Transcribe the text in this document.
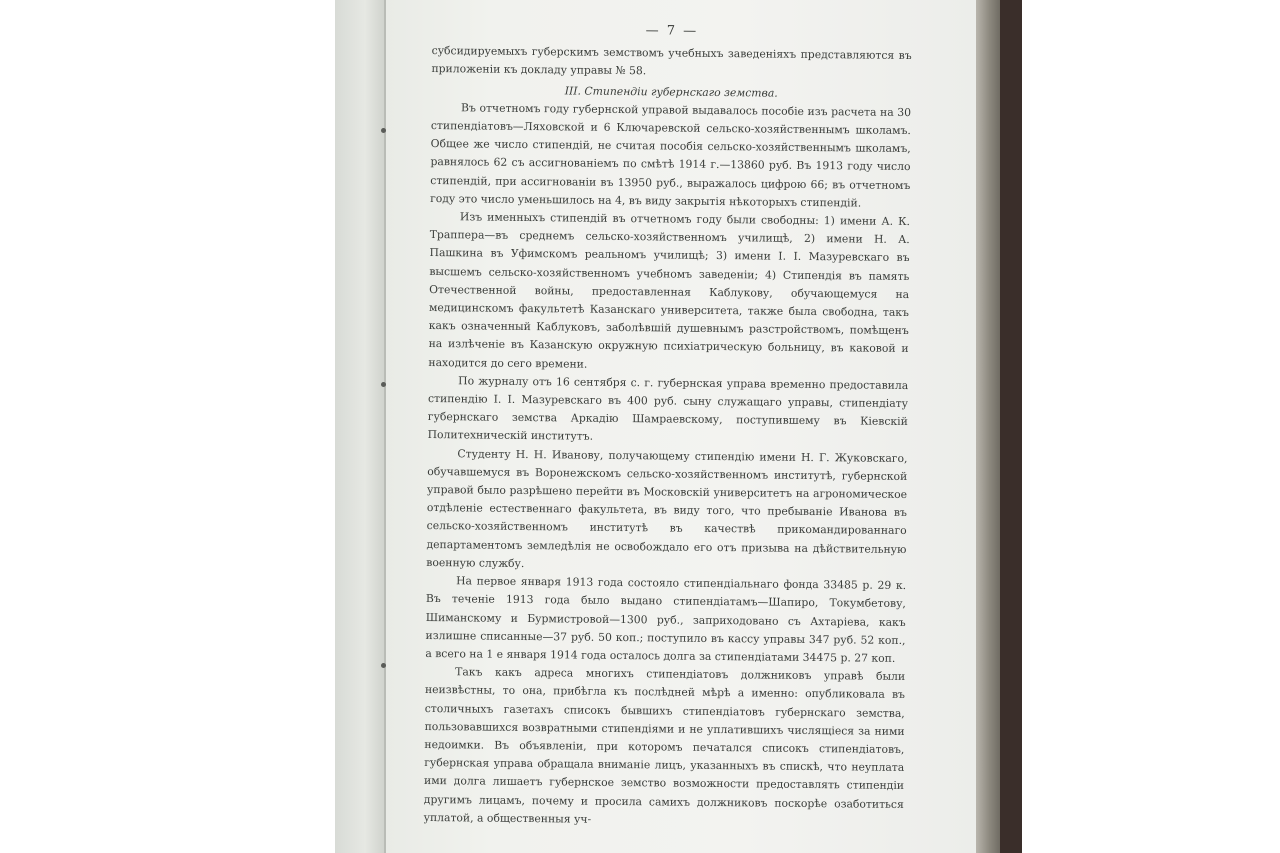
— 7 —

субсидируемыхъ губерскимъ земствомъ учебныхъ заведеніяхъ представляются въ приложеніи къ докладу управы № 58.

III. Стипендіи губернскаго земства.

Въ отчетномъ году губернской управой выдавалось пособіе изъ расчета на 30 стипендіатовъ—Ляховской и 6 Ключаревской сельско-хозяйственнымъ школамъ. Общее же число стипендій, не считая пособія сельско-хозяйственнымъ школамъ, равнялось 62 съ ассигнованіемъ по смѣтѣ 1914 г.—13860 руб. Въ 1913 году число стипендій, при ассигнованіи въ 13950 руб., выражалось цифрою 66; въ отчетномъ году это число уменьшилось на 4, въ виду закрытія нѣкоторыхъ стипендій.

Изъ именныхъ стипендій въ отчетномъ году были свободны: 1) имени А. К. Траппера—въ среднемъ сельско-хозяйственномъ училищѣ, 2) имени Н. А. Пашкина въ Уфимскомъ реальномъ училищѣ; 3) имени I. I. Мазуревскаго въ высшемъ сельско-хозяйственномъ учебномъ заведеніи; 4) Стипендія въ память Отечественной войны, предоставленная Каблукову, обучающемуся на медицинскомъ факультетѣ Казанскаго университета, также была свободна, такъ какъ означенный Каблуковъ, заболѣвшій душевнымъ разстройствомъ, помѣщенъ на излѣченіе въ Казанскую окружную психіатрическую больницу, въ каковой и находится до сего времени.

По журналу отъ 16 сентября с. г. губернская управа временно предоставила стипендію I. I. Мазуревскаго въ 400 руб. сыну служащаго управы, стипендіату губернскаго земства Аркадію Шамраевскому, поступившему въ Кіевскій Политехническій институтъ.

Студенту Н. Н. Иванову, получающему стипендію имени Н. Г. Жуковскаго, обучавшемуся въ Воронежскомъ сельско-хозяйственномъ институтѣ, губернской управой было разрѣшено перейти въ Московскій университетъ на агрономическое отдѣленіе естественнаго факультета, въ виду того, что пребываніе Иванова въ сельско-хозяйственномъ институтѣ въ качествѣ прикомандированнаго департаментомъ земледѣлія не освобождало его отъ призыва на дѣйствительную военную службу.

На первое января 1913 года состояло стипендіальнаго фонда 33485 р. 29 к. Въ теченіе 1913 года было выдано стипендіатамъ—Шапиро, Токумбетову, Шиманскому и Бурмистровой—1300 руб., заприходовано съ Ахтаріева, какъ излишне списанные—37 руб. 50 коп.; поступило въ кассу управы 347 руб. 52 коп., а всего на 1 е января 1914 года осталось долга за стипендіатами 34475 р. 27 коп.

Такъ какъ адреса многихъ стипендіатовъ должниковъ управѣ были неизвѣстны, то она, прибѣгла къ послѣдней мѣрѣ а именно: опубликовала въ столичныхъ газетахъ списокъ бывшихъ стипендіатовъ губернскаго земства, пользовавшихся возвратными стипендіями и не уплатившихъ числящіеся за ними недоимки. Въ объявленіи, при которомъ печатался списокъ стипендіатовъ, губернская управа обращала вниманіе лицъ, указанныхъ въ спискѣ, что неуплата ими долга лишаетъ губернское земство возможности предоставлять стипендіи другимъ лицамъ, почему и просила самихъ должниковъ поскорѣе озаботиться уплатой, а общественныя уч-
